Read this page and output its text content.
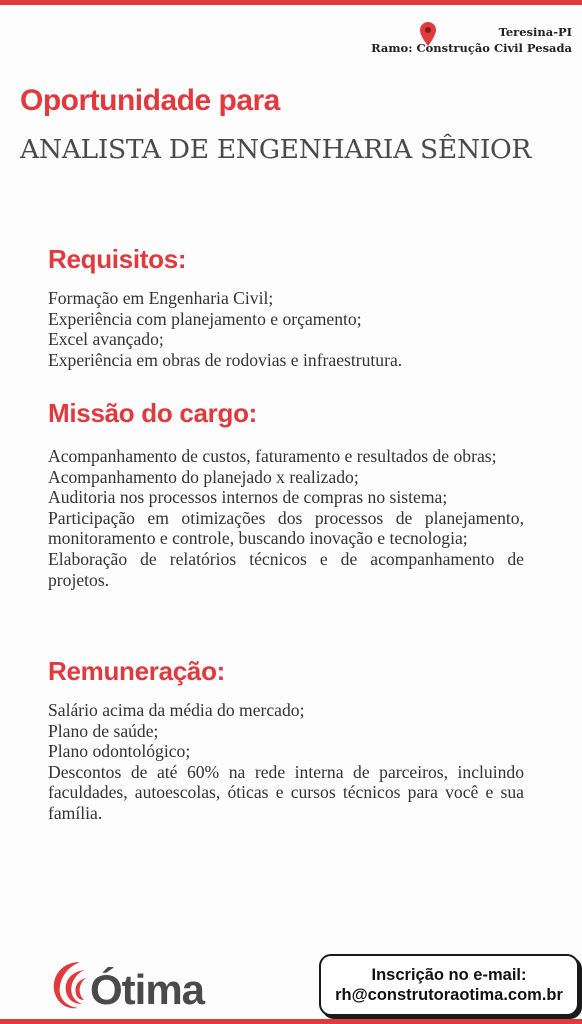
Teresina-PI
Ramo: Construção Civil Pesada
Oportunidade para
ANALISTA DE ENGENHARIA SÊNIOR
Requisitos:

Formação em Engenharia Civil;

Experiência com planejamento e orçamento;

Excel avançado;

Experiência em obras de rodovias e infraestrutura.

Missão do cargo:

Acompanhamento de custos, faturamento e resultados de obras;

Acompanhamento do planejado x realizado;

Auditoria nos processos internos de compras no sistema;

Participação em otimizações dos processos de planejamento, monitoramento e controle, buscando inovação e tecnologia;

Elaboração de relatórios técnicos e de acompanhamento de projetos.

Remuneração:

Salário acima da média do mercado;

Plano de saúde;

Plano odontológico;

Descontos de até 60% na rede interna de parceiros, incluindo faculdades, autoescolas, óticas e cursos técnicos para você e sua família.

Ótima	Inscrição no e-mail:
rh@construtoraotima.com.br
